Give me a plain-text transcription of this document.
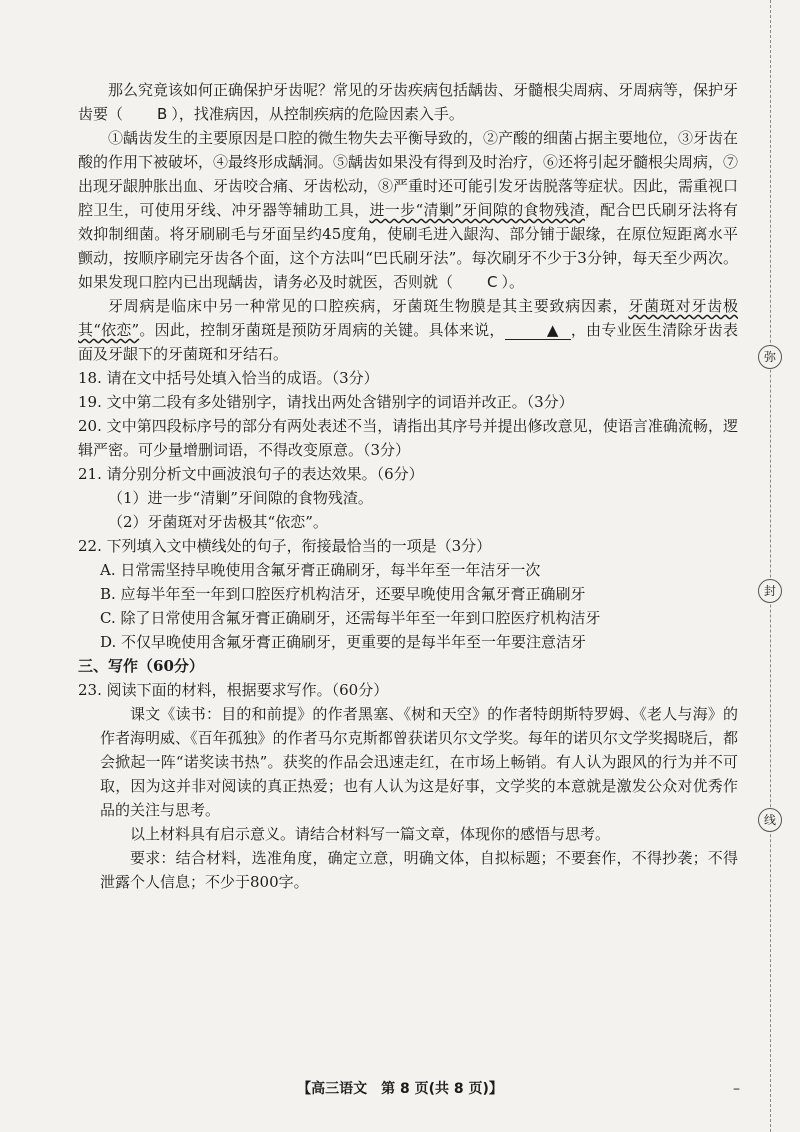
弥
封
线

那么究竟该如何正确保护牙齿呢？常见的牙齿疾病包括龋齿、牙髓根尖周病、牙周病等，保护牙齿要（ B ），找准病因，从控制疾病的危险因素入手。

①龋齿发生的主要原因是口腔的微生物失去平衡导致的，②产酸的细菌占据主要地位，③牙齿在酸的作用下被破坏，④最终形成龋洞。⑤龋齿如果没有得到及时治疗，⑥还将引起牙髓根尖周病，⑦出现牙龈肿胀出血、牙齿咬合痛、牙齿松动，⑧严重时还可能引发牙齿脱落等症状。因此，需重视口腔卫生，可使用牙线、冲牙器等辅助工具，进一步“清剿”牙间隙的食物残渣，配合巴氏刷牙法将有效抑制细菌。将牙刷刷毛与牙面呈约45度角，使刷毛进入龈沟、部分铺于龈缘，在原位短距离水平颤动，按顺序刷完牙齿各个面，这个方法叫“巴氏刷牙法”。每次刷牙不少于3分钟，每天至少两次。如果发现口腔内已出现龋齿，请务必及时就医，否则就（ C ）。

牙周病是临床中另一种常见的口腔疾病，牙菌斑生物膜是其主要致病因素，牙菌斑对牙齿极其“依恋”。因此，控制牙菌斑是预防牙周病的关键。具体来说，	▲ ，由专业医生清除牙齿表面及牙龈下的牙菌斑和牙结石。

18. 请在文中括号处填入恰当的成语。（3分）

19. 文中第二段有多处错别字，请找出两处含错别字的词语并改正。（3分）

20. 文中第四段标序号的部分有两处表述不当，请指出其序号并提出修改意见，使语言准确流畅，逻辑严密。可少量增删词语，不得改变原意。（3分）

21. 请分别分析文中画波浪句子的表达效果。（6分）

（1）进一步“清剿”牙间隙的食物残渣。

（2）牙菌斑对牙齿极其“依恋”。

22. 下列填入文中横线处的句子，衔接最恰当的一项是（3分）

A. 日常需坚持早晚使用含氟牙膏正确刷牙，每半年至一年洁牙一次

B. 应每半年至一年到口腔医疗机构洁牙，还要早晚使用含氟牙膏正确刷牙

C. 除了日常使用含氟牙膏正确刷牙，还需每半年至一年到口腔医疗机构洁牙

D. 不仅早晚使用含氟牙膏正确刷牙，更重要的是每半年至一年要注意洁牙

三、写作（60分）

23. 阅读下面的材料，根据要求写作。（60分）

课文《读书：目的和前提》的作者黑塞、《树和天空》的作者特朗斯特罗姆、《老人与海》的作者海明威、《百年孤独》的作者马尔克斯都曾获诺贝尔文学奖。每年的诺贝尔文学奖揭晓后，都会掀起一阵“诺奖读书热”。获奖的作品会迅速走红，在市场上畅销。有人认为跟风的行为并不可取，因为这并非对阅读的真正热爱；也有人认为这是好事，文学奖的本意就是激发公众对优秀作品的关注与思考。

以上材料具有启示意义。请结合材料写一篇文章，体现你的感悟与思考。

要求：结合材料，选准角度，确定立意，明确文体，自拟标题；不要套作，不得抄袭；不得泄露个人信息；不少于800字。

【高三语文　第 8 页(共 8 页)】	–
